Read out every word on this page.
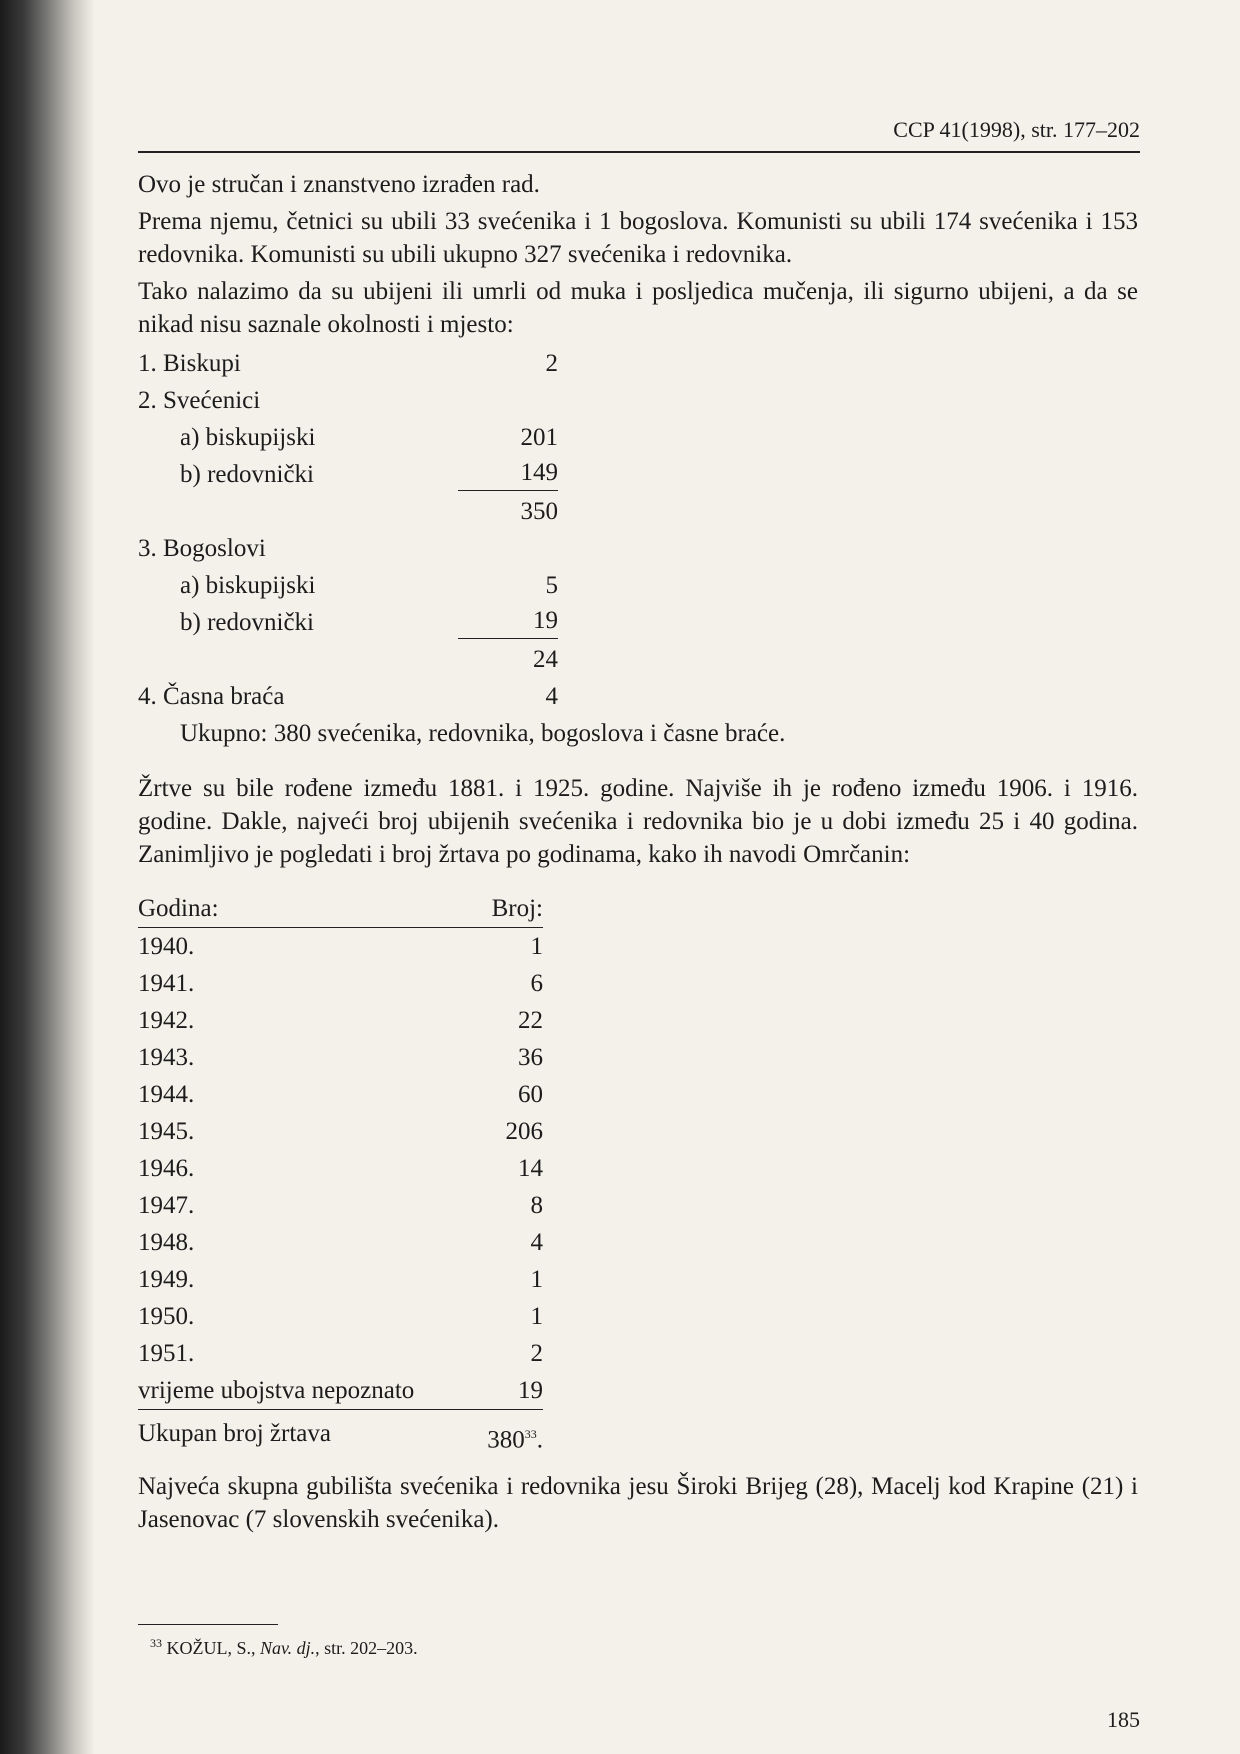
CCP 41(1998), str. 177–202

Ovo je stručan i znanstveno izrađen rad.

Prema njemu, četnici su ubili 33 svećenika i 1 bogoslova. Komunisti su ubili 174 svećenika i 153 redovnika. Komunisti su ubili ukupno 327 svećenika i redovnika.

Tako nalazimo da su ubijeni ili umrli od muka i posljedica mučenja, ili sigurno ubijeni, a da se nikad nisu saznale okolnosti i mjesto:

1. Biskupi	2
2. Svećenici
a) biskupijski	201
b) redovnički	149
350
3. Bogoslovi
a) biskupijski	5
b) redovnički	19
24
4. Časna braća	4
Ukupno: 380 svećenika, redovnika, bogoslova i časne braće.

Žrtve su bile rođene između 1881. i 1925. godine. Najviše ih je rođeno između 1906. i 1916. godine. Dakle, najveći broj ubijenih svećenika i redovnika bio je u dobi između 25 i 40 godina. Zanimljivo je pogledati i broj žrtava po godinama, kako ih navodi Omrčanin:

Godina:	Broj:
1940.	1
1941.	6
1942.	22
1943.	36
1944.	60
1945.	206
1946.	14
1947.	8
1948.	4
1949.	1
1950.	1
1951.	2
vrijeme ubojstva nepoznato	19
Ukupan broj žrtava	$380^{33}$.

Najveća skupna gubilišta svećenika i redovnika jesu Široki Brijeg (28), Macelj kod Krapine (21) i Jasenovac (7 slovenskih svećenika).

$^{33}$ KOŽUL, S., Nav. dj., str. 202–203.
185
